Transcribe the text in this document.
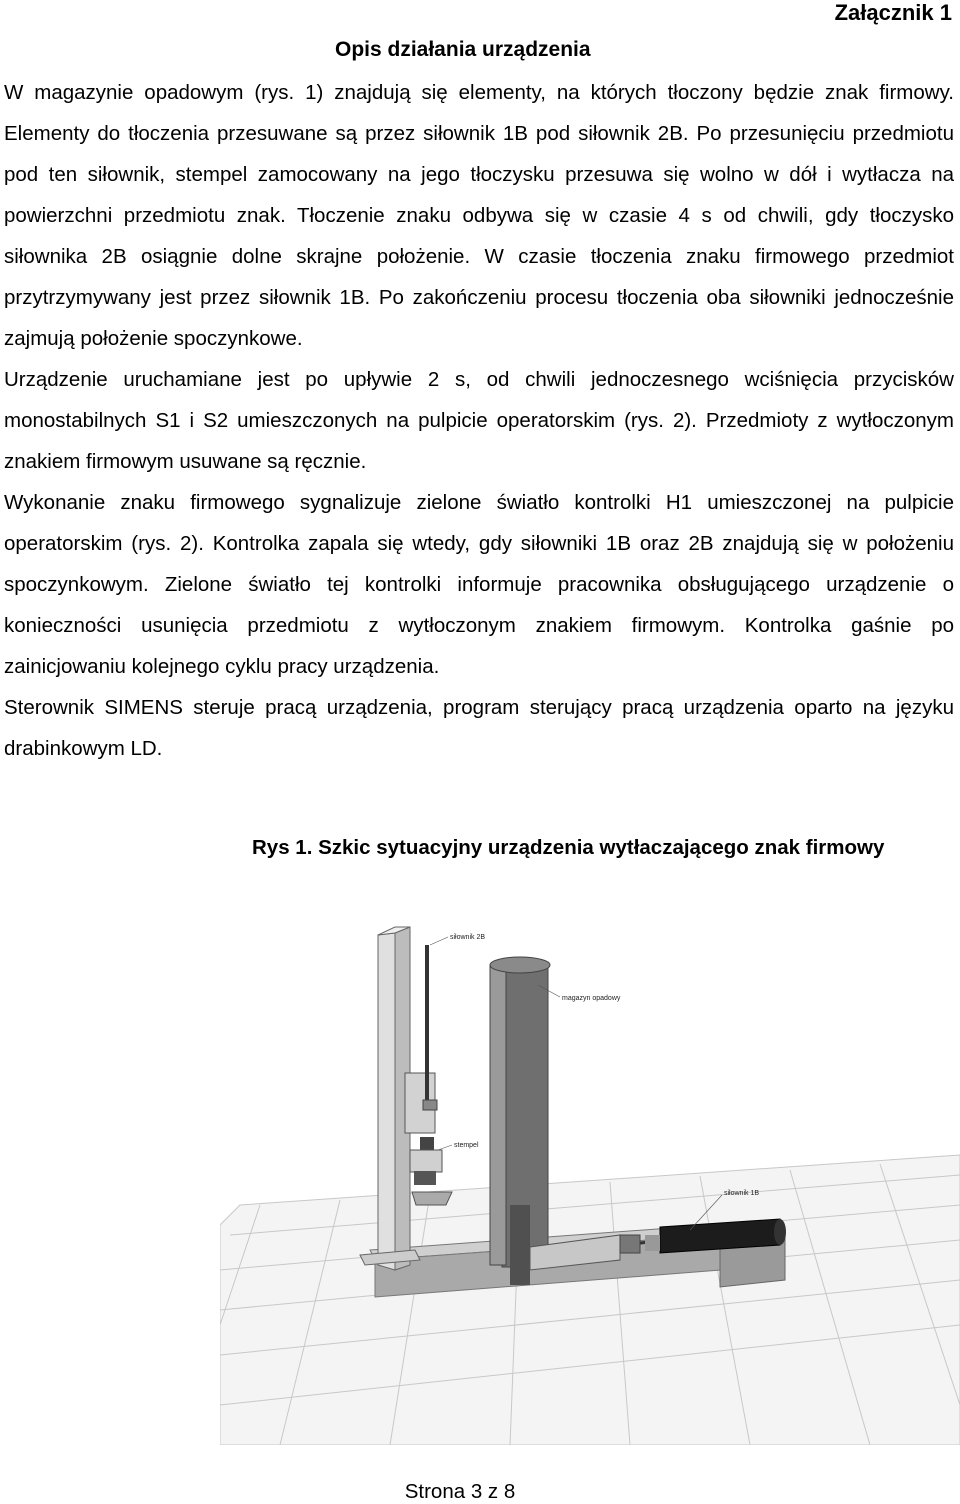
Załącznik 1
Opis działania urządzenia

W magazynie opadowym (rys. 1) znajdują się elementy, na których tłoczony będzie znak firmowy. Elementy do tłoczenia przesuwane są przez siłownik 1B pod siłownik 2B. Po przesunięciu przedmiotu pod ten siłownik, stempel zamocowany na jego tłoczysku przesuwa się wolno w dół i wytłacza na powierzchni przedmiotu znak. Tłoczenie znaku odbywa się w czasie 4 s od chwili, gdy tłoczysko siłownika 2B osiągnie dolne skrajne położenie. W czasie tłoczenia znaku firmowego przedmiot przytrzymywany jest przez siłownik 1B. Po zakończeniu procesu tłoczenia oba siłowniki jednocześnie zajmują położenie spoczynkowe.

Urządzenie uruchamiane jest po upływie 2 s, od chwili jednoczesnego wciśnięcia przycisków monostabilnych S1 i S2 umieszczonych na pulpicie operatorskim (rys. 2). Przedmioty z wytłoczonym znakiem firmowym usuwane są ręcznie.

Wykonanie znaku firmowego sygnalizuje zielone światło kontrolki H1 umieszczonej na pulpicie operatorskim (rys. 2). Kontrolka zapala się wtedy, gdy siłowniki 1B oraz 2B znajdują się w położeniu spoczynkowym. Zielone światło tej kontrolki informuje pracownika obsługującego urządzenie o konieczności usunięcia przedmiotu z wytłoczonym znakiem firmowym. Kontrolka gaśnie po zainicjowaniu kolejnego cyklu pracy urządzenia.

Sterownik SIMENS steruje pracą urządzenia, program sterujący pracą urządzenia oparto na języku drabinkowym LD.

Rys 1. Szkic sytuacyjny urządzenia wytłaczającego znak firmowy
siłownik 2B
magazyn opadowy
stempel
siłownik 1B
Strona 3 z 8
